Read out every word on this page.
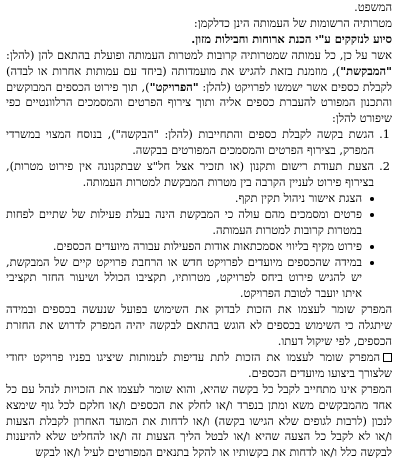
המשפט.

מטרותיה הרשומות של העמותה הינן כדלקמן:

סיוע לנזקקים ע"י הכנת ארוחות וחבילות מזון.

אשר על כן, כל עמותה שמטרותיה קרובות למטרות העמותה ופועלת בהתאם להן (להלן: "המבקשת"), מוזמנת בזאת להגיש את מועמדותה (ביחד עם עמותות אחרות או לבדה) לקבלת כספים אשר ישמשו לפרויקט (להלן: "הפרויקט"), תוך פירוט הכספים המבוקשים והתכנון המפורט להעברת כספים אליה ותוך צירוף הפרטים והמסמכים הרלוונטיים כפי שיפורט להלן:

1.
הגשת בקשה לקבלת כספים והתחייבות (להלן: "הבקשה"), בנוסח המצוי במשרדי המפרק, בצירוף הפרטים והמסמכים המפורטים בבקשה.
2.
הצעת תעודת רישום ותקנון (או תזכיר אצל חל"צ שבתקנונה אין פירוט מטרות), בצירוף פירוט לעניין הקרבה בין מטרות המבקשת למטרות העמותה.
הצגת אישור ניהול תקין תקף.
פרטים ומסמכים מהם עולה כי המבקשת הינה בעלת פעילות של שתיים לפחות במטרות קרובות למטרות העמותה.
פירוט מקיף בליווי אסמכתאות אודות הפעילות עבורה מיועדים הכספים.
במידה שהכספים מיועדים לפרויקט חדש או הרחבת פרויקט קיים של המבקשת, יש להגיש פירוט ביחס לפרויקט, מטרותיו, תקציבו הכולל ושיעור החזר תקציבי איתו יועבר לטובת הפרויקט.

המפרק שומר לעצמו את הזכות לבדוק את השימוש בפועל שנעשה בכספים ובמידה שיתגלה כי השימוש בכספים לא הוגש בהתאם לבקשה יהיה המפרק לדרוש את החזרת הכספים, לפי שיקול דעתו.

המפרק שומר לעצמו את הזכות לתת עדיפות לעמותות שיציגו בפניו פרויקט יחודי שלצורך ביצועו מיועדים הכספים.

המפרק אינו מתחייב לקבל כל בקשה שהיא, והוא שומר לעצמו את הזכויות לנהל עם כל אחד מהמבקשים משא ומתן בנפרד ו/או לחלק את הכספים ו/או חלקם לכל גוף שימצא לנכון (לרבות לגופים שלא הגישו בקשה) ו/או לדחות את המועד האחרון לקבלת הצעות ו/או לא לקבל כל הצעה שהיא ו/או לבטל הליך הצעות זה ו/או להחליט שלא להיענות לבקשה כלל ו/או לדחות את בקשותיו או להקל בתנאים המפורטים לעיל ו/או לבקש
